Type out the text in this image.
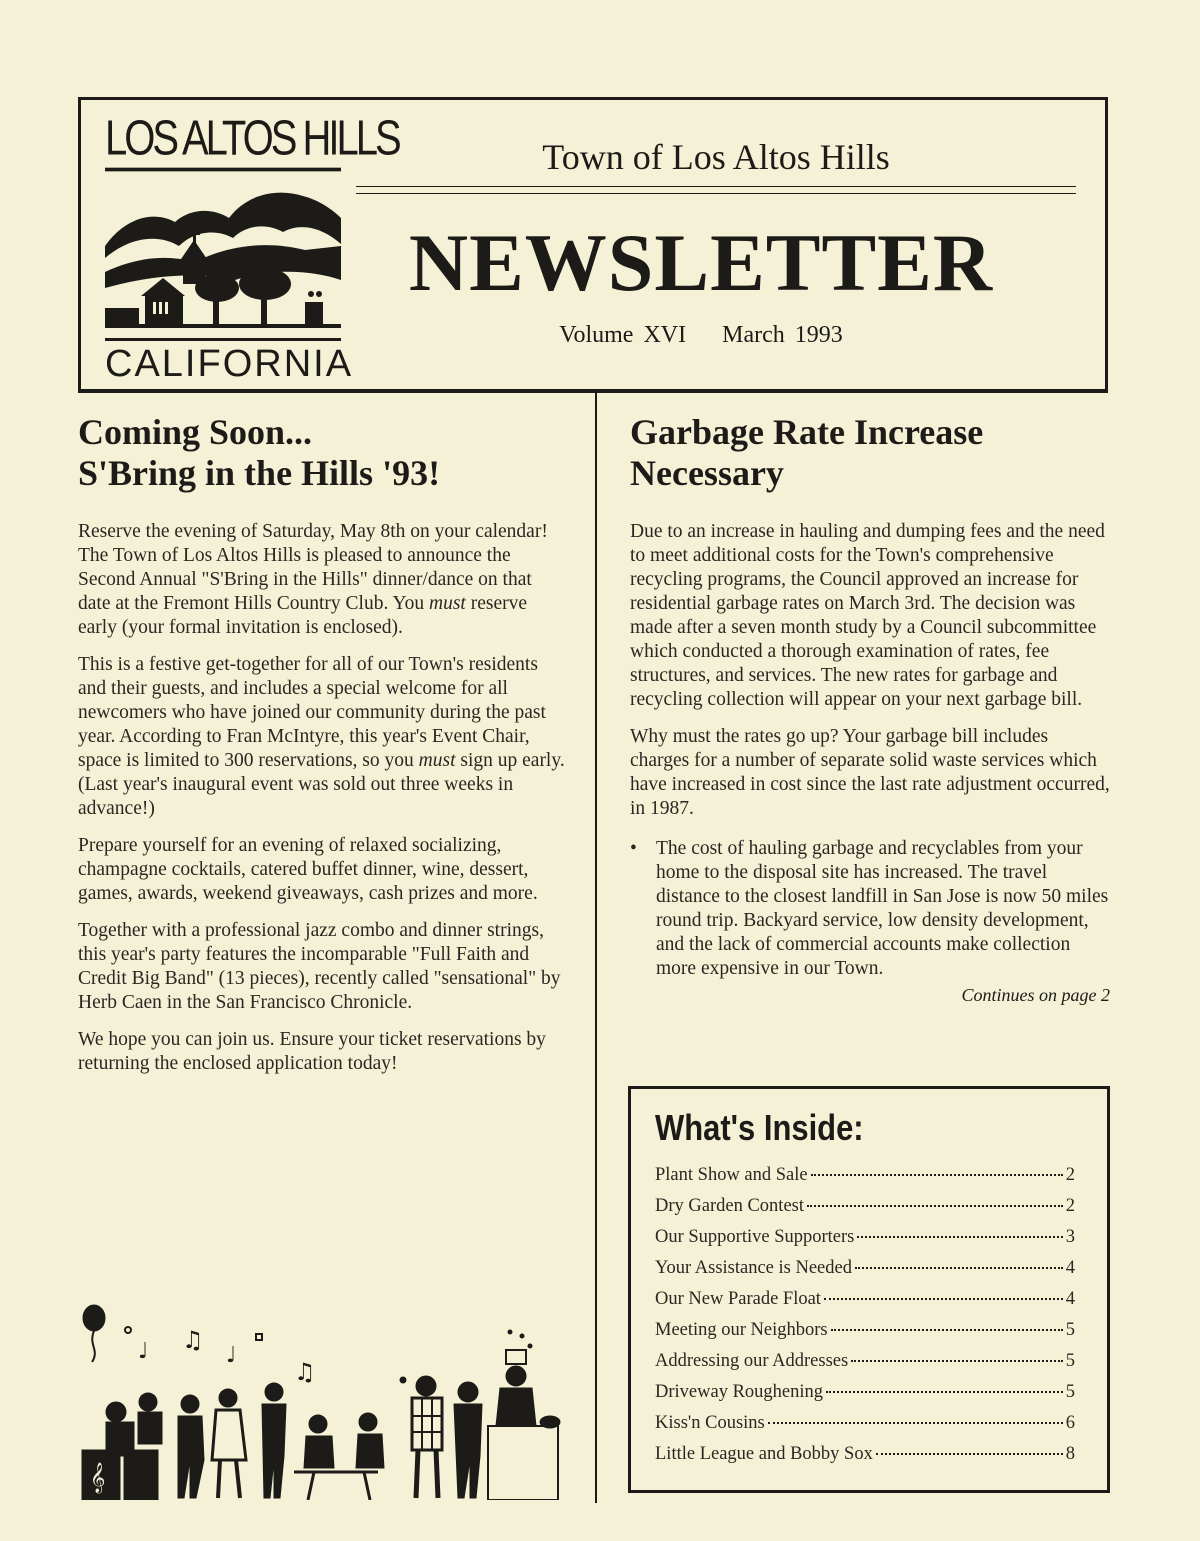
LOS ALTOS HILLS
CALIFORNIA
Town of Los Altos Hills
NEWSLETTER
Volume XVI March 1993
Coming Soon...
S'Bring in the Hills '93!

Reserve the evening of Saturday, May 8th on your calendar! The Town of Los Altos Hills is pleased to announce the Second Annual "S'Bring in the Hills" dinner/dance on that date at the Fremont Hills Country Club. You must reserve early (your formal invitation is enclosed).

This is a festive get-together for all of our Town's residents and their guests, and includes a special welcome for all newcomers who have joined our community during the past year. According to Fran McIntyre, this year's Event Chair, space is limited to 300 reservations, so you must sign up early. (Last year's inaugural event was sold out three weeks in advance!)

Prepare yourself for an evening of relaxed socializing, champagne cocktails, catered buffet dinner, wine, dessert, games, awards, weekend giveaways, cash prizes and more.

Together with a professional jazz combo and dinner strings, this year's party features the incomparable "Full Faith and Credit Big Band" (13 pieces), recently called "sensational" by Herb Caen in the San Francisco Chronicle.

We hope you can join us. Ensure your ticket reservations by returning the enclosed application today!

♩ ♫
♩
♫
𝄞
Garbage Rate Increase
Necessary

Due to an increase in hauling and dumping fees and the need to meet additional costs for the Town's comprehensive recycling programs, the Council approved an increase for residential garbage rates on March 3rd. The decision was made after a seven month study by a Council subcommittee which conducted a thorough examination of rates, fee structures, and services. The new rates for garbage and recycling collection will appear on your next garbage bill.

Why must the rates go up? Your garbage bill includes charges for a number of separate solid waste services which have increased in cost since the last rate adjustment occurred, in 1987.

• The cost of hauling garbage and recyclables from your home to the disposal site has increased. The travel distance to the closest landfill in San Jose is now 50 miles round trip. Backyard service, low density development, and the lack of commercial accounts make collection more expensive in our Town.

Continues on page 2
What's Inside:
Plant Show and Sale	2
Dry Garden Contest	2
Our Supportive Supporters	3
Your Assistance is Needed	4
Our New Parade Float	4
Meeting our Neighbors	5
Addressing our Addresses	5
Driveway Roughening	5
Kiss'n Cousins	6
Little League and Bobby Sox	8
